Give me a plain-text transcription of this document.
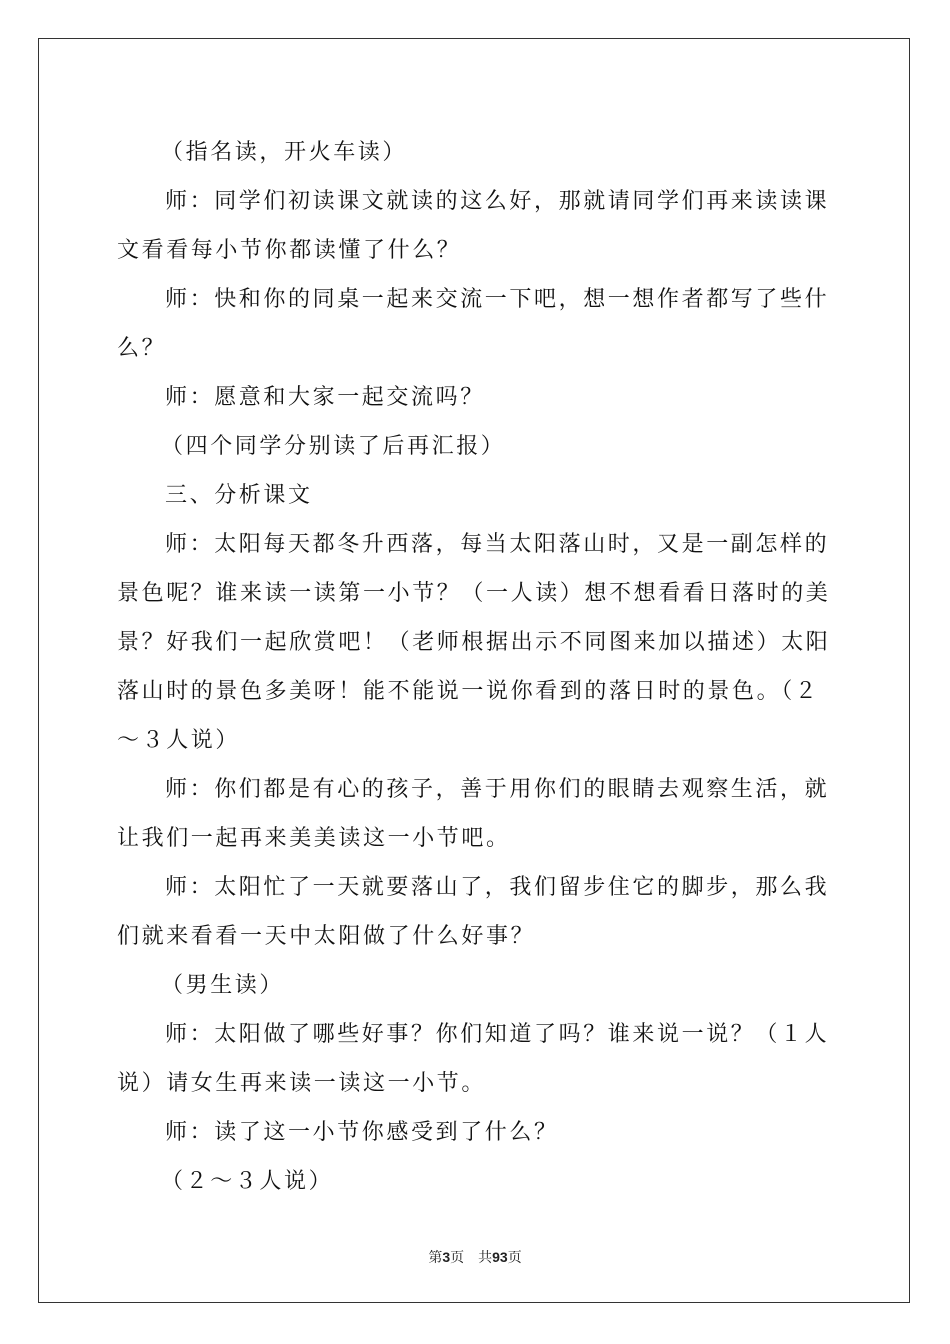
（指名读，开火车读）

师：同学们初读课文就读的这么好，那就请同学们再来读读课文看看每小节你都读懂了什么？

师：快和你的同桌一起来交流一下吧，想一想作者都写了些什么？

师：愿意和大家一起交流吗？

（四个同学分别读了后再汇报）

三、分析课文

师：太阳每天都冬升西落，每当太阳落山时，又是一副怎样的景色呢？谁来读一读第一小节？（一人读）想不想看看日落时的美景？好我们一起欣赏吧！（老师根据出示不同图来加以描述）太阳落山时的景色多美呀！能不能说一说你看到的落日时的景色。（２～３人说）

师：你们都是有心的孩子，善于用你们的眼睛去观察生活，就让我们一起再来美美读这一小节吧。

师：太阳忙了一天就要落山了，我们留步住它的脚步，那么我们就来看看一天中太阳做了什么好事？

（男生读）

师：太阳做了哪些好事？你们知道了吗？谁来说一说？（１人说）请女生再来读一读这一小节。

师：读了这一小节你感受到了什么？

（２～３人说）

第3页　共93页
